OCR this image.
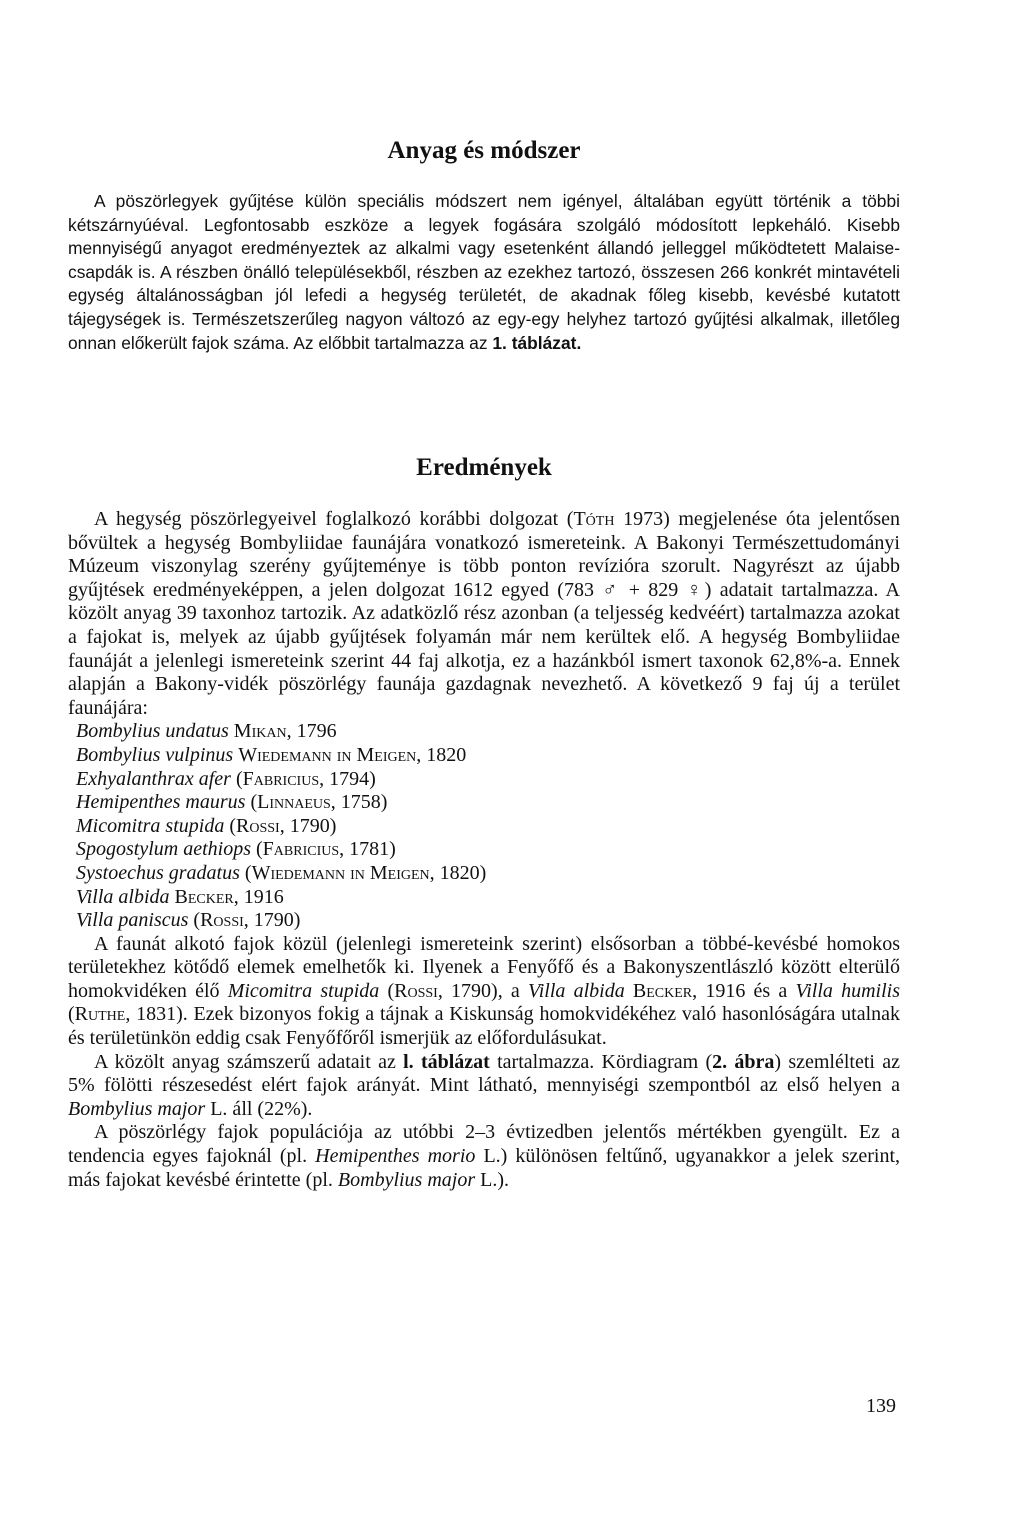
Anyag és módszer

A pöszörlegyek gyűjtése külön speciális módszert nem igényel, általában együtt történik a többi kétszárnyúéval. Legfontosabb eszköze a legyek fogására szolgáló módosított lepkeháló. Kisebb mennyiségű anyagot eredményeztek az alkalmi vagy esetenként állandó jelleggel működtetett Malaise-csapdák is. A részben önálló településekből, részben az ezekhez tartozó, összesen 266 konkrét mintavételi egység általánosságban jól lefedi a hegység területét, de akadnak főleg kisebb, kevésbé kutatott tájegységek is. Természetszerűleg nagyon változó az egy-egy helyhez tartozó gyűjtési alkalmak, illetőleg onnan előkerült fajok száma. Az előbbit tartalmazza az 1. táblázat.

Eredmények

A hegység pöszörlegyeivel foglalkozó korábbi dolgozat (Tóth 1973) megjelenése óta jelentősen bővültek a hegység Bombyliidae faunájára vonatkozó ismereteink. A Bakonyi Természettudományi Múzeum viszonylag szerény gyűjteménye is több ponton revízióra szorult. Nagyrészt az újabb gyűjtések eredményeképpen, a jelen dolgozat 1612 egyed (783 ♂ + 829 ♀) adatait tartalmazza. A közölt anyag 39 taxonhoz tartozik. Az adatközlő rész azonban (a teljesség kedvéért) tartalmazza azokat a fajokat is, melyek az újabb gyűjtések folyamán már nem kerültek elő. A hegység Bombyliidae faunáját a jelenlegi ismereteink szerint 44 faj alkotja, ez a hazánkból ismert taxonok 62,8%-a. Ennek alapján a Bakony-vidék pöszörlégy faunája gazdagnak nevezhető. A következő 9 faj új a terület faunájára:

Bombylius undatus Mikan, 1796
Bombylius vulpinus Wiedemann in Meigen, 1820
Exhyalanthrax afer (Fabricius, 1794)
Hemipenthes maurus (Linnaeus, 1758)
Micomitra stupida (Rossi, 1790)
Spogostylum aethiops (Fabricius, 1781)
Systoechus gradatus (Wiedemann in Meigen, 1820)
Villa albida Becker, 1916
Villa paniscus (Rossi, 1790)

A faunát alkotó fajok közül (jelenlegi ismereteink szerint) elsősorban a többé-kevésbé homokos területekhez kötődő elemek emelhetők ki. Ilyenek a Fenyőfő és a Bakonyszentlászló között elterülő homokvidéken élő Micomitra stupida (Rossi, 1790), a Villa albida Becker, 1916 és a Villa humilis (Ruthe, 1831). Ezek bizonyos fokig a tájnak a Kiskunság homokvidékéhez való hasonlóságára utalnak és területünkön eddig csak Fenyőfőről ismerjük az előfordulásukat.

A közölt anyag számszerű adatait az l. táblázat tartalmazza. Kördiagram (2. ábra) szemlélteti az 5% fölötti részesedést elért fajok arányát. Mint látható, mennyiségi szempontból az első helyen a Bombylius major L. áll (22%).

A pöszörlégy fajok populációja az utóbbi 2–3 évtizedben jelentős mértékben gyengült. Ez a tendencia egyes fajoknál (pl. Hemipenthes morio L.) különösen feltűnő, ugyanakkor a jelek szerint, más fajokat kevésbé érintette (pl. Bombylius major L.).

139
